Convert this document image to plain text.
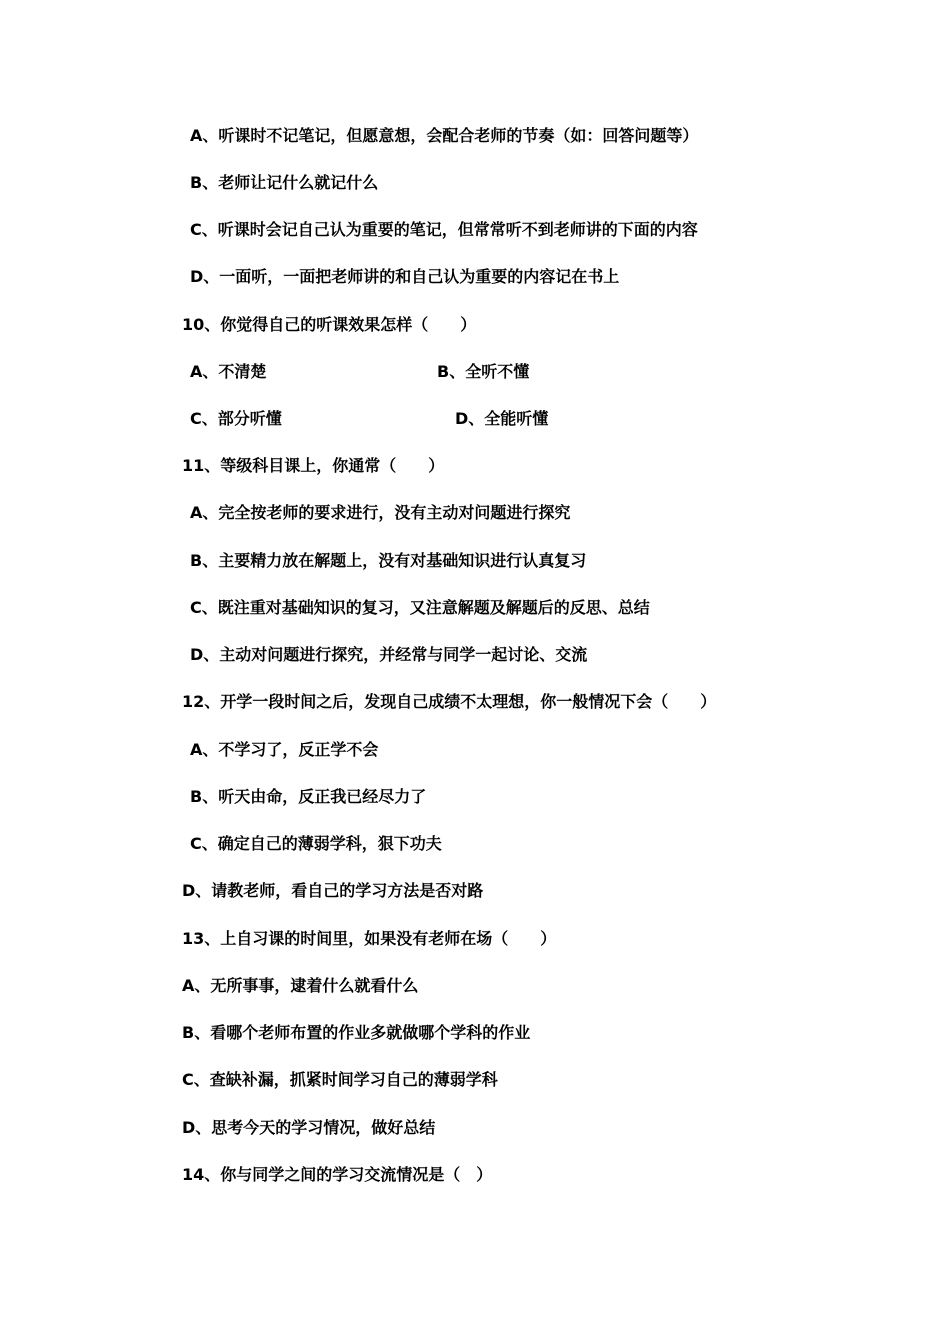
A、听课时不记笔记，但愿意想，会配合老师的节奏（如：回答问题等）
B、老师让记什么就记什么
C、听课时会记自己认为重要的笔记，但常常听不到老师讲的下面的内容
D、一面听，一面把老师讲的和自己认为重要的内容记在书上
10、你觉得自己的听课效果怎样（　　）
A、不清楚	B、全听不懂
C、部分听懂	D、全能听懂
11、等级科目课上，你通常（　　）
A、完全按老师的要求进行，没有主动对问题进行探究
B、主要精力放在解题上，没有对基础知识进行认真复习
C、既注重对基础知识的复习，又注意解题及解题后的反思、总结
D、主动对问题进行探究，并经常与同学一起讨论、交流
12、开学一段时间之后，发现自己成绩不太理想，你一般情况下会（　　）
A、不学习了，反正学不会
B、听天由命，反正我已经尽力了
C、确定自己的薄弱学科，狠下功夫
D、请教老师，看自己的学习方法是否对路
13、上自习课的时间里，如果没有老师在场（　　）
A、无所事事，逮着什么就看什么
B、看哪个老师布置的作业多就做哪个学科的作业
C、查缺补漏，抓紧时间学习自己的薄弱学科
D、思考今天的学习情况，做好总结
14、你与同学之间的学习交流情况是（　）
